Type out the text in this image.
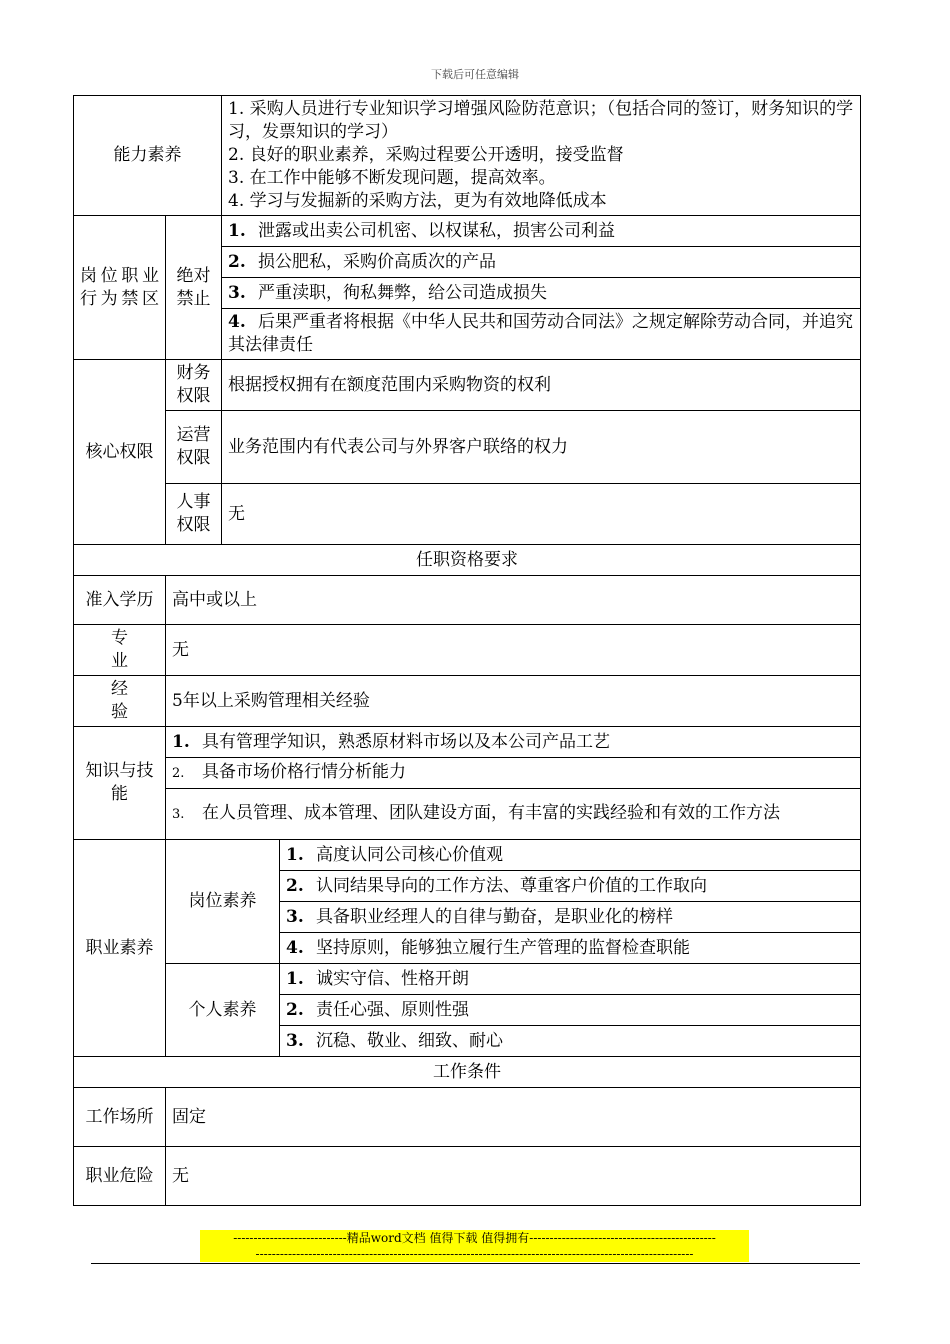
下载后可任意编辑
能力素养		1. 采购人员进行专业知识学习增强风险防范意识；（包括合同的签订，财务知识的学习，发票知识的学习）
2. 良好的职业素养，采购过程要公开透明，接受监督
3. 在工作中能够不断发现问题，提高效率。
4. 学习与发掘新的采购方法，更为有效地降低成本	

岗位职业行为禁区	绝对禁止	1. 泄露或出卖公司机密、以权谋私，损害公司利益	
		2. 损公肥私，采购价高质次的产品	
		3. 严重渎职，徇私舞弊，给公司造成损失	
		4. 后果严重者将根据《中华人民共和国劳动合同法》之规定解除劳动合同，并追究其法律责任	
核心权限	财务权限	根据授权拥有在额度范围内采购物资的权利	
	运营权限	业务范围内有代表公司与外界客户联络的权力	
	人事权限	无	
任职资格要求			
准入学历	高中或以上		
专业	无		
经验	5年以上采购管理相关经验		
知识与技能	1. 具有管理学知识，熟悉原材料市场以及本公司产品工艺		
	2. 具备市场价格行情分析能力		
	3. 在人员管理、成本管理、团队建设方面，有丰富的实践经验和有效的工作方法		
职业素养	岗位素养		1. 高度认同公司核心价值观
			2. 认同结果导向的工作方法、尊重客户价值的工作取向
			3. 具备职业经理人的自律与勤奋，是职业化的榜样
			4. 坚持原则，能够独立履行生产管理的监督检查职能
	个人素养		1. 诚实守信、性格开朗
			2. 责任心强、原则性强
			3. 沉稳、敬业、细致、耐心
工作条件			
工作场所	固定		
职业危险	无		
----------------------------精品word文档 值得下载 值得拥有----------------------------------------------
------------------------------------------------------------------------------------------------------------
